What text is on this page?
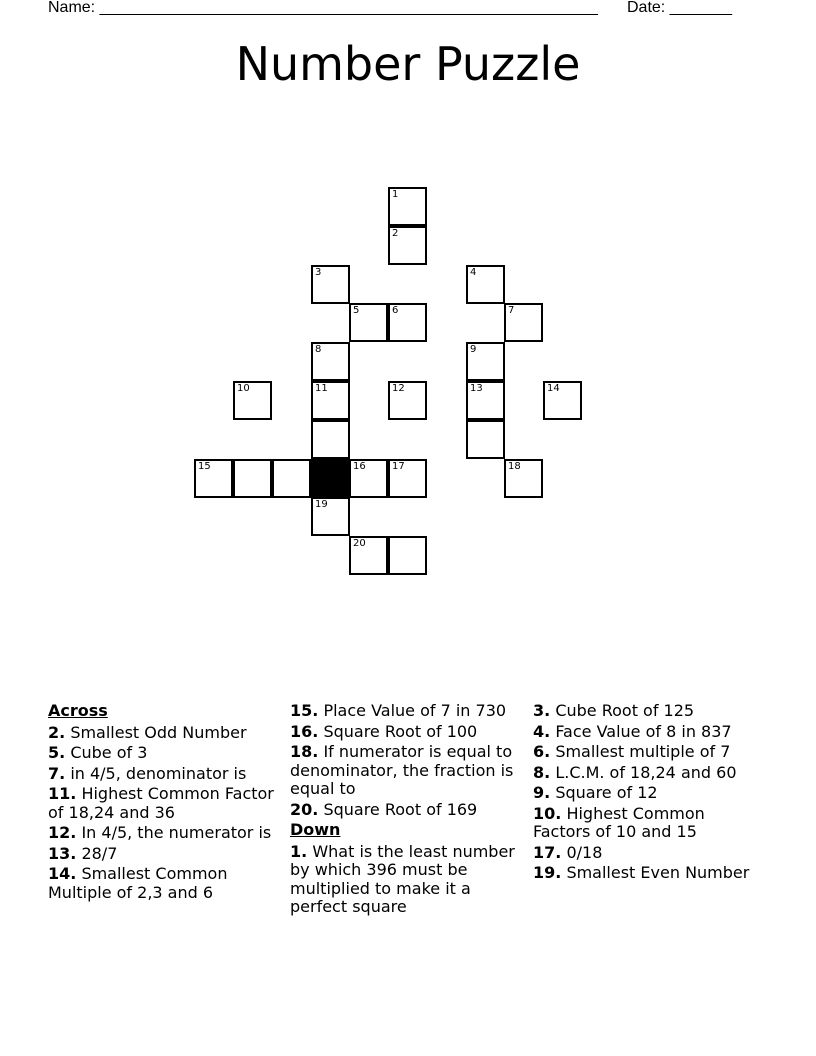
Name: ________________________________________________________ Date: _______
Number Puzzle
1
2
3	4
5	6	7
8	9
10	11	12	13	14
15	16	17	18
19
20
Across
2. Smallest Odd Number
5. Cube of 3
7. in 4/5, denominator is
11. Highest Common Factor of 18,24 and 36
12. In 4/5, the numerator is
13. 28/7
14. Smallest Common Multiple of 2,3 and 6
15. Place Value of 7 in 730
16. Square Root of 100
18. If numerator is equal to denominator, the fraction is equal to
20. Square Root of 169
Down
1. What is the least number by which 396 must be multiplied to make it a perfect square
3. Cube Root of 125
4. Face Value of 8 in 837
6. Smallest multiple of 7
8. L.C.M. of 18,24 and 60
9. Square of 12
10. Highest Common Factors of 10 and 15
17. 0/18
19. Smallest Even Number
